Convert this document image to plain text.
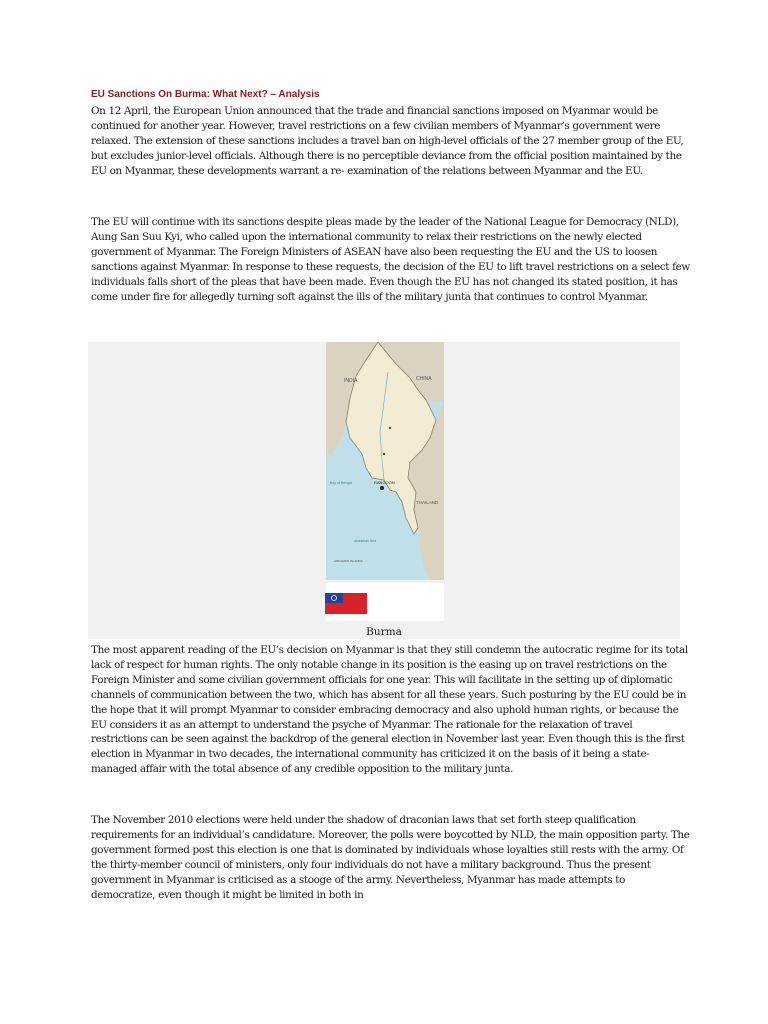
EU Sanctions On Burma: What Next? – Analysis

On 12 April, the European Union announced that the trade and financial sanctions imposed on Myanmar would be continued for another year. However, travel restrictions on a few civilian members of Myanmar’s government were relaxed. The extension of these sanctions includes a travel ban on high-level officials of the 27 member group of the EU, but excludes junior-level officials. Although there is no perceptible deviance from the official position maintained by the EU on Myanmar, these developments warrant a re- examination of the relations between Myanmar and the EU.

The EU will continue with its sanctions despite pleas made by the leader of the National League for Democracy (NLD), Aung San Suu Kyi, who called upon the international community to relax their restrictions on the newly elected government of Myanmar. The Foreign Ministers of ASEAN have also been requesting the EU and the US to loosen sanctions against Myanmar. In response to these requests, the decision of the EU to lift travel restrictions on a select few individuals falls short of the pleas that have been made. Even though the EU has not changed its stated position, it has come under fire for allegedly turning soft against the ills of the military junta that continues to control Myanmar.

INDIA	CHINA
THAILAND
RANGOON
Bay of Bengal
Andaman Sea
ANDAMAN ISLANDS

Burma

The most apparent reading of the EU’s decision on Myanmar is that they still condemn the autocratic regime for its total lack of respect for human rights. The only notable change in its position is the easing up on travel restrictions on the Foreign Minister and some civilian government officials for one year. This will facilitate in the setting up of diplomatic channels of communication between the two, which has absent for all these years. Such posturing by the EU could be in the hope that it will prompt Myanmar to consider embracing democracy and also uphold human rights, or because the EU considers it as an attempt to understand the psyche of Myanmar. The rationale for the relaxation of travel restrictions can be seen against the backdrop of the general election in November last year. Even though this is the first election in Myanmar in two decades, the international community has criticized it on the basis of it being a state-managed affair with the total absence of any credible opposition to the military junta.

The November 2010 elections were held under the shadow of draconian laws that set forth steep qualification requirements for an individual’s candidature. Moreover, the polls were boycotted by NLD, the main opposition party. The government formed post this election is one that is dominated by individuals whose loyalties still rests with the army. Of the thirty-member council of ministers, only four individuals do not have a military background. Thus the present government in Myanmar is criticised as a stooge of the army. Nevertheless, Myanmar has made attempts to democratize, even though it might be limited in both in
